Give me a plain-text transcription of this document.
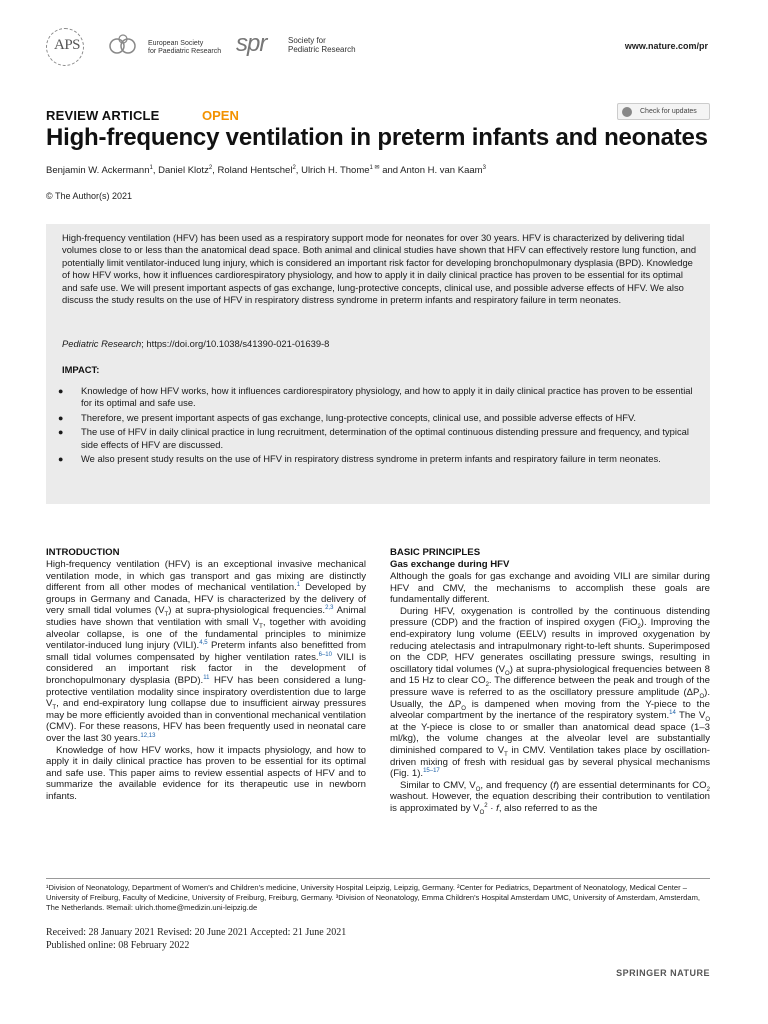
APS	European Society
for Paediatric Research spr	Society for
Pediatric Research	www.nature.com/pr
REVIEW ARTICLE	OPEN	Check for updates
High-frequency ventilation in preterm infants and neonates
Benjamin W. Ackermann$^1$, Daniel Klotz$^2$, Roland Hentschel$^2$, Ulrich H. Thome$^{1 ✉}$ and Anton H. van Kaam$^3$
© The Author(s) 2021

High-frequency ventilation (HFV) has been used as a respiratory support mode for neonates for over 30 years. HFV is characterized by delivering tidal volumes close to or less than the anatomical dead space. Both animal and clinical studies have shown that HFV can effectively restore lung function, and potentially limit ventilator-induced lung injury, which is considered an important risk factor for developing bronchopulmonary dysplasia (BPD). Knowledge of how HFV works, how it influences cardiorespiratory physiology, and how to apply it in daily clinical practice has proven to be essential for its optimal and safe use. We will present important aspects of gas exchange, lung-protective concepts, clinical use, and possible adverse effects of HFV. We also discuss the study results on the use of HFV in respiratory distress syndrome in preterm infants and respiratory failure in term neonates.

Pediatric Research; https://doi.org/10.1038/s41390-021-01639-8
IMPACT:
● Knowledge of how HFV works, how it influences cardiorespiratory physiology, and how to apply it in daily clinical practice has proven to be essential for its optimal and safe use.
● Therefore, we present important aspects of gas exchange, lung-protective concepts, clinical use, and possible adverse effects of HFV.
● The use of HFV in daily clinical practice in lung recruitment, determination of the optimal continuous distending pressure and frequency, and typical side effects of HFV are discussed.
● We also present study results on the use of HFV in respiratory distress syndrome in preterm infants and respiratory failure in term neonates.
INTRODUCTION

High-frequency ventilation (HFV) is an exceptional invasive mechanical ventilation mode, in which gas transport and gas mixing are distinctly different from all other modes of mechanical ventilation.$^1$ Developed by groups in Germany and Canada, HFV is characterized by the delivery of very small tidal volumes $(V_T)$ at supra-physiological frequencies.$^{2,3}$ Animal studies have shown that ventilation with small $V_T$, together with avoiding alveolar collapse, is one of the fundamental principles to minimize ventilator-induced lung injury (VILI).$^{4,5}$ Preterm infants also benefitted from small tidal volumes compensated by higher ventilation rates.$^{6-10}$ VILI is considered an important risk factor in the development of bronchopulmonary dysplasia (BPD).$^{11}$ HFV has been considered a lung-protective ventilation modality since inspiratory overdistention due to large $V_T$, and end-expiratory lung collapse due to insufficient airway pressures may be more efficiently avoided than in conventional mechanical ventilation (CMV). For these reasons, HFV has been frequently used in neonatal care over the last 30 years.$^{12,13}$

Knowledge of how HFV works, how it impacts physiology, and how to apply it in daily clinical practice has proven to be essential for its optimal and safe use. This paper aims to review essential aspects of HFV and to summarize the available evidence for its therapeutic use in newborn infants.

BASIC PRINCIPLES
Gas exchange during HFV

Although the goals for gas exchange and avoiding VILI are similar during HFV and CMV, the mechanisms to accomplish these goals are fundamentally different.

During HFV, oxygenation is controlled by the continuous distending pressure (CDP) and the fraction of inspired oxygen (FiO$_2$). Improving the end-expiratory lung volume (EELV) results in improved oxygenation by reducing atelectasis and intrapulmonary right-to-left shunts. Superimposed on the CDP, HFV generates oscillating pressure swings, resulting in oscillatory tidal volumes $(V_O)$ at supra-physiological frequencies between 8 and 15 Hz to clear $CO_2$. The difference between the peak and trough of the pressure wave is referred to as the oscillatory pressure amplitude $(\Delta P_O)$. Usually, the $\Delta P_O$ is dampened when moving from the Y-piece to the alveolar compartment by the inertance of the respiratory system.$^{14}$ The $V_O$ at the Y-piece is close to or smaller than anatomical dead space (1–3 ml/kg), the volume changes at the alveolar level are substantially diminished compared to $V_T$ in CMV. Ventilation takes place by oscillation-driven mixing of fresh with residual gas by several physical mechanisms (Fig. 1).$^{15-17}$

Similar to CMV, $V_O$, and frequency (f) are essential determinants for $CO_2$ washout. However, the equation describing their contribution to ventilation is approximated by $V_O^2 \cdot f$, also referred to as the

¹Division of Neonatology, Department of Women's and Children's medicine, University Hospital Leipzig, Leipzig, Germany. ²Center for Pediatrics, Department of Neonatology, Medical Center – University of Freiburg, Faculty of Medicine, University of Freiburg, Freiburg, Germany. ³Division of Neonatology, Emma Children's Hospital Amsterdam UMC, University of Amsterdam, Amsterdam, The Netherlands. ✉email: ulrich.thome@medizin.uni-leipzig.de
Received: 28 January 2021 Revised: 20 June 2021 Accepted: 21 June 2021
Published online: 08 February 2022
SPRINGER NATURE
